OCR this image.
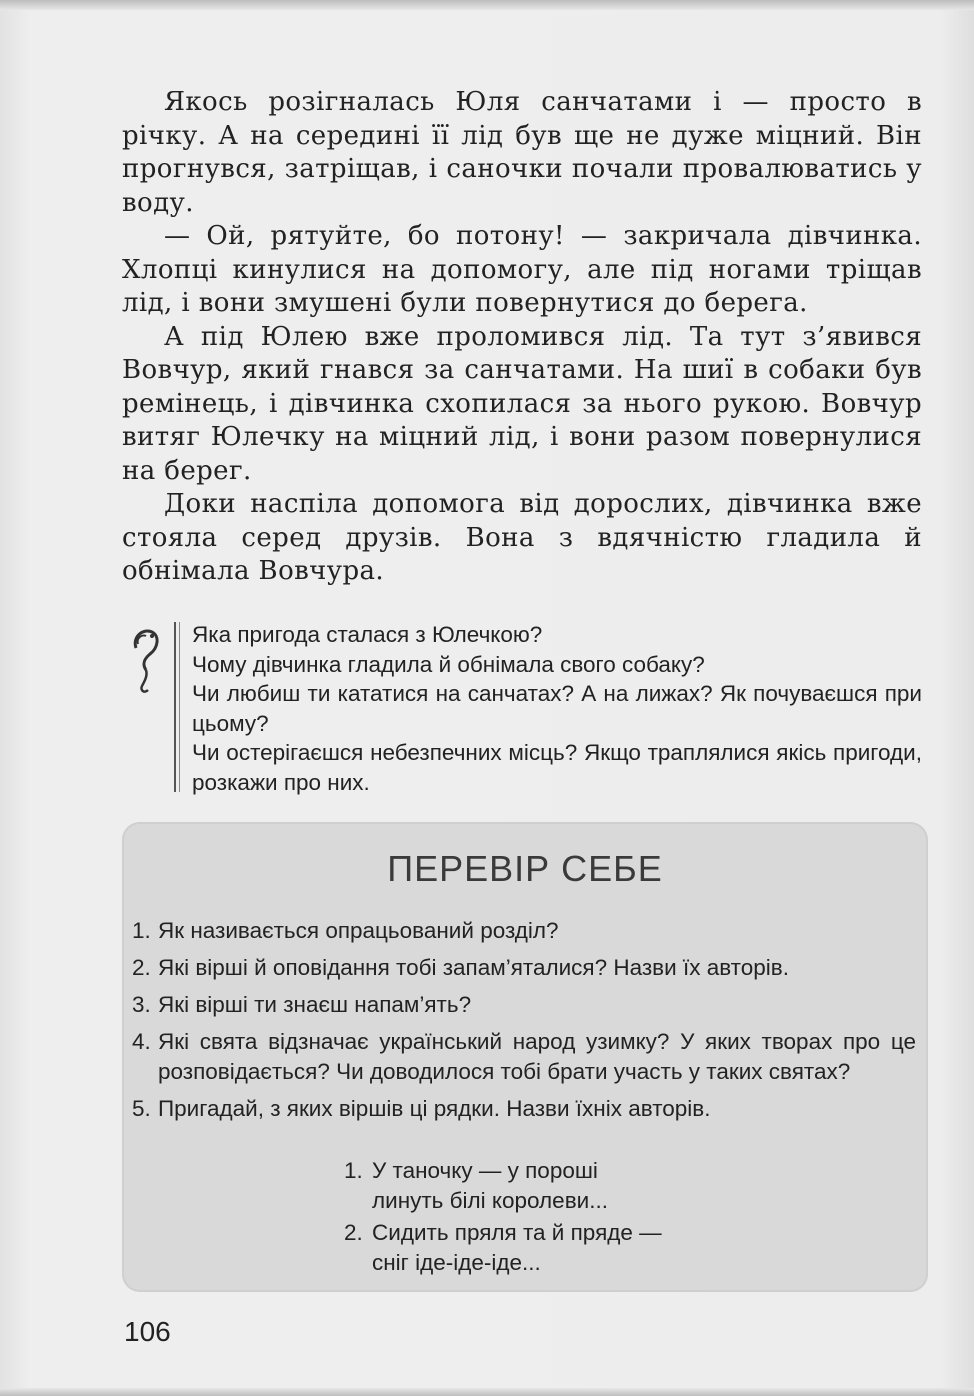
Якось розігналась Юля санчатами і — просто в річку. А на середині її лід був ще не дуже міцний. Він прогнувся, затріщав, і саночки почали провалюватись у воду.

— Ой, рятуйте, бо потону! — закричала дівчинка. Хлопці кинулися на допомогу, але під ногами тріщав лід, і вони змушені були повернутися до берега.

А під Юлею вже проломився лід. Та тут з’явився Вовчур, який гнався за санчатами. На шиї в собаки був ремінець, і дівчинка схопилася за нього рукою. Вовчур витяг Юлечку на міцний лід, і вони разом повернулися на берег.

Доки наспіла допомога від дорослих, дівчинка вже стояла серед друзів. Вона з вдячністю гладила й обнімала Вовчура.

Яка пригода сталася з Юлечкою?

Чому дівчинка гладила й обнімала свого собаку?

Чи любиш ти кататися на санчатах? А на лижах? Як почуваєшся при цьому?

Чи остерігаєшся небезпечних місць? Якщо траплялися якісь пригоди, розкажи про них.

ПЕРЕВІР СЕБЕ
1. Як називається опрацьований розділ?
2. Які вірші й оповідання тобі запам’яталися? Назви їх авторів.
3. Які вірші ти знаєш напам’ять?
4. Які свята відзначає український народ узимку? У яких творах про це розповідається? Чи доводилося тобі брати участь у таких святах?
5. Пригадай, з яких віршів ці рядки. Назви їхніх авторів.
1. У таночку — у пороші
линуть білі королеви...
2. Сидить пряля та й пряде —
сніг іде-іде-іде...
106
